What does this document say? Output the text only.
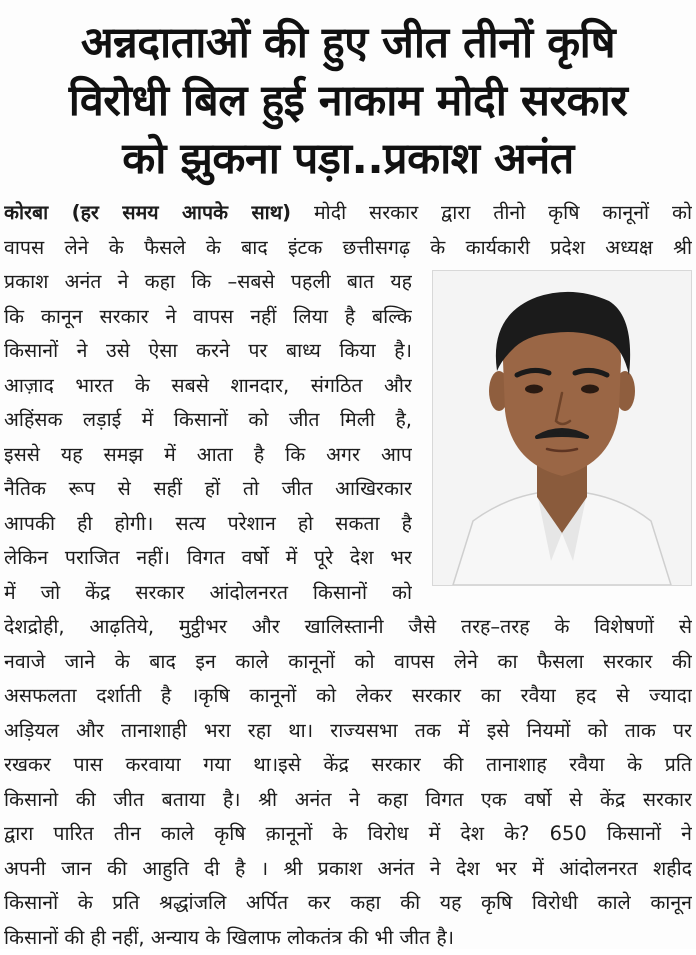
अन्नदाताओं की हुए जीत तीनों कृषि
विरोधी बिल हुई नाकाम मोदी सरकार
को झुकना पड़ा..प्रकाश अनंत
कोरबा (हर समय आपके साथ) मोदी सरकार द्वारा तीनो कृषि कानूनों को
वापस लेने के फैसले के बाद इंटक छत्तीसगढ़ के कार्यकारी प्रदेश अध्यक्ष श्री
प्रकाश अनंत ने कहा कि –सबसे पहली बात यह
कि कानून सरकार ने वापस नहीं लिया है बल्कि
किसानों ने उसे ऐसा करने पर बाध्य किया है।
आज़ाद भारत के सबसे शानदार, संगठित और
अहिंसक लड़ाई में किसानों को जीत मिली है,
इससे यह समझ में आता है कि अगर आप
नैतिक रूप से सहीं हों तो जीत आखिरकार
आपकी ही होगी। सत्य परेशान हो सकता है
लेकिन पराजित नहीं। विगत वर्षो में पूरे देश भर
में जो केंद्र सरकार आंदोलनरत किसानों को
देशद्रोही, आढ़तिये, मुट्ठीभर और खालिस्तानी जैसे तरह–तरह के विशेषणों से
नवाजे जाने के बाद इन काले कानूनों को वापस लेने का फैसला सरकार की
असफलता दर्शाती है ।कृषि कानूनों को लेकर सरकार का रवैया हद से ज्यादा
अड़ियल और तानाशाही भरा रहा था। राज्यसभा तक में इसे नियमों को ताक पर
रखकर पास करवाया गया था।इसे केंद्र सरकार की तानाशाह रवैया के प्रति
किसानो की जीत बताया है। श्री अनंत ने कहा विगत एक वर्षो से केंद्र सरकार
द्वारा पारित तीन काले कृषि क़ानूनों के विरोध में देश के? 650 किसानों ने
अपनी जान की आहुति दी है । श्री प्रकाश अनंत ने देश भर में आंदोलनरत शहीद
किसानों के प्रति श्रद्धांजलि अर्पित कर कहा की यह कृषि विरोधी काले कानून
किसानों की ही नहीं, अन्याय के खिलाफ लोकतंत्र की भी जीत है।
